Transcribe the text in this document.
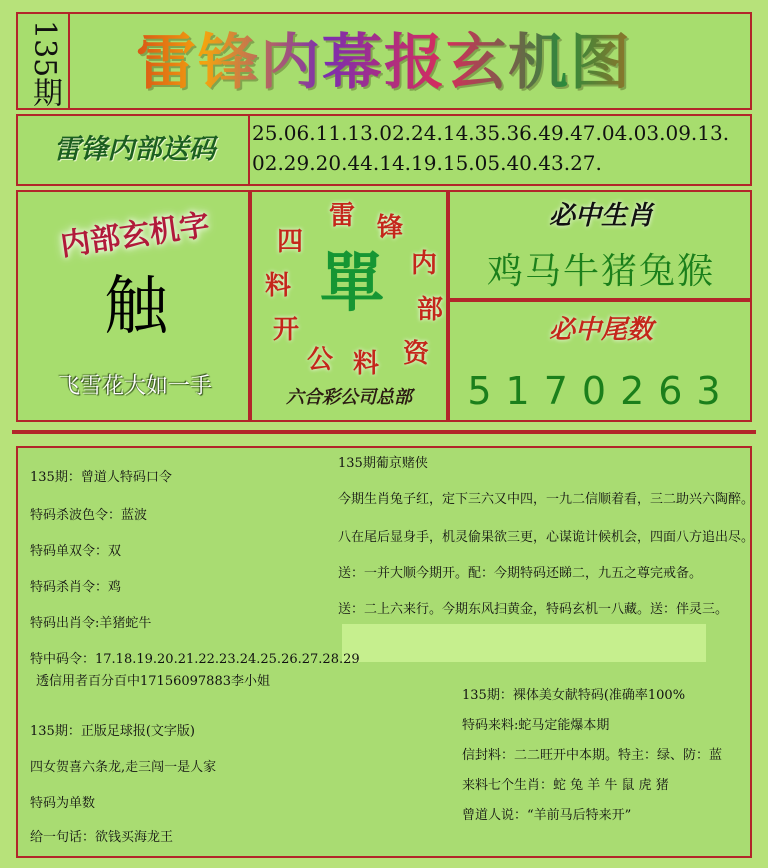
135期	雷锋内幕报玄机图
雷锋内部送码
25.06.11.13.02.24.14.35.36.49.47.04.03.09.13.
02.29.20.44.14.19.15.05.40.43.27.
内部玄机字
触
飞雪花大如一手
雷 锋
内
部
资
料
公
开
料
四
單
六合彩公司总部
必中生肖
鸡马牛猪兔猴
必中尾数
5170263
135期：曾道人特码口令
特码杀波色令：蓝波
特码单双令：双
特码杀肖令：鸡
特码出肖令:羊猪蛇牛
特中码令：17.18.19.20.21.22.23.24.25.26.27.28.29
透信用者百分百中17156097883李小姐
135期：正版足球报(文字版)
四女贺喜六条龙,走三闯一是人家
特码为单数
给一句话：欲钱买海龙王
135期葡京赌侠
今期生肖兔子红，定下三六又中四，一九二信顺着看，三二助兴六陶醉。
八在尾后显身手，机灵偷果欲三更，心谋诡计候机会，四面八方追出尽。
送：一并大顺今期开。配：今期特码还睇二，九五之尊完戒备。
送：二上六来行。今期东风扫黄金，特码玄机一八藏。送：伴灵三。
135期：裸体美女献特码(准确率100%
特码来料:蛇马定能爆本期
信封料：二二旺开中本期。特主：绿、防：蓝
来料七个生肖：蛇 兔 羊 牛 鼠 虎 猪
曾道人说：“羊前马后特来开”
